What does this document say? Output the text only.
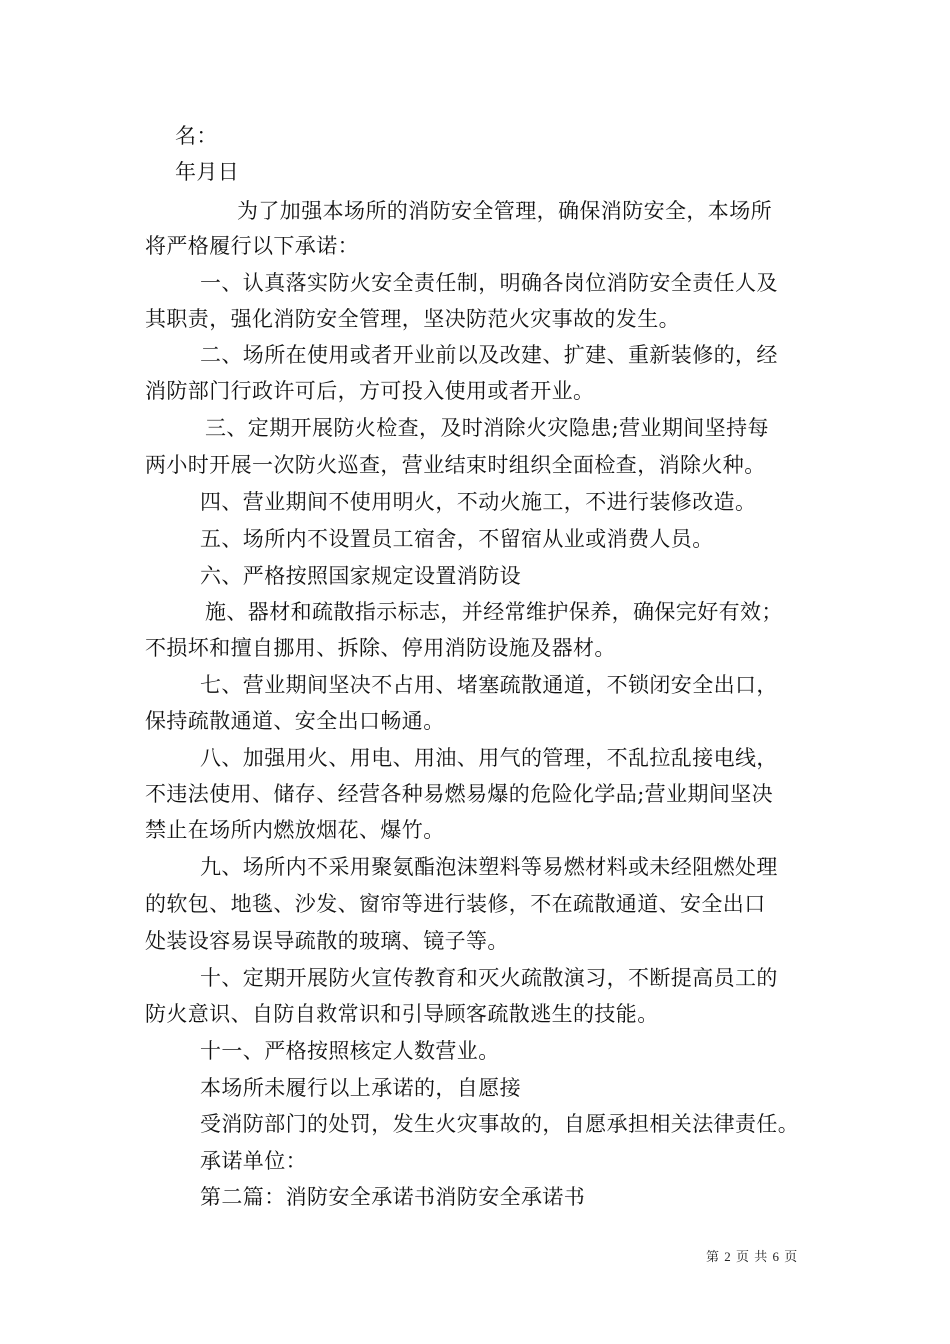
名：

年月日

为了加强本场所的消防安全管理，确保消防安全，本场所

将严格履行以下承诺：

一、认真落实防火安全责任制，明确各岗位消防安全责任人及

其职责，强化消防安全管理，坚决防范火灾事故的发生。

二、场所在使用或者开业前以及改建、扩建、重新装修的，经

消防部门行政许可后，方可投入使用或者开业。

三、定期开展防火检查，及时消除火灾隐患;营业期间坚持每

两小时开展一次防火巡查，营业结束时组织全面检查，消除火种。

四、营业期间不使用明火，不动火施工，不进行装修改造。

五、场所内不设置员工宿舍，不留宿从业或消费人员。

六、严格按照国家规定设置消防设

施、器材和疏散指示标志，并经常维护保养，确保完好有效；

不损坏和擅自挪用、拆除、停用消防设施及器材。

七、营业期间坚决不占用、堵塞疏散通道，不锁闭安全出口，

保持疏散通道、安全出口畅通。

八、加强用火、用电、用油、用气的管理，不乱拉乱接电线，

不违法使用、储存、经营各种易燃易爆的危险化学品;营业期间坚决

禁止在场所内燃放烟花、爆竹。

九、场所内不采用聚氨酯泡沫塑料等易燃材料或未经阻燃处理

的软包、地毯、沙发、窗帘等进行装修，不在疏散通道、安全出口

处装设容易误导疏散的玻璃、镜子等。

十、定期开展防火宣传教育和灭火疏散演习，不断提高员工的

防火意识、自防自救常识和引导顾客疏散逃生的技能。

十一、严格按照核定人数营业。

本场所未履行以上承诺的，自愿接

受消防部门的处罚，发生火灾事故的，自愿承担相关法律责任。

承诺单位：

第二篇：消防安全承诺书消防安全承诺书

第 2 页 共 6 页
